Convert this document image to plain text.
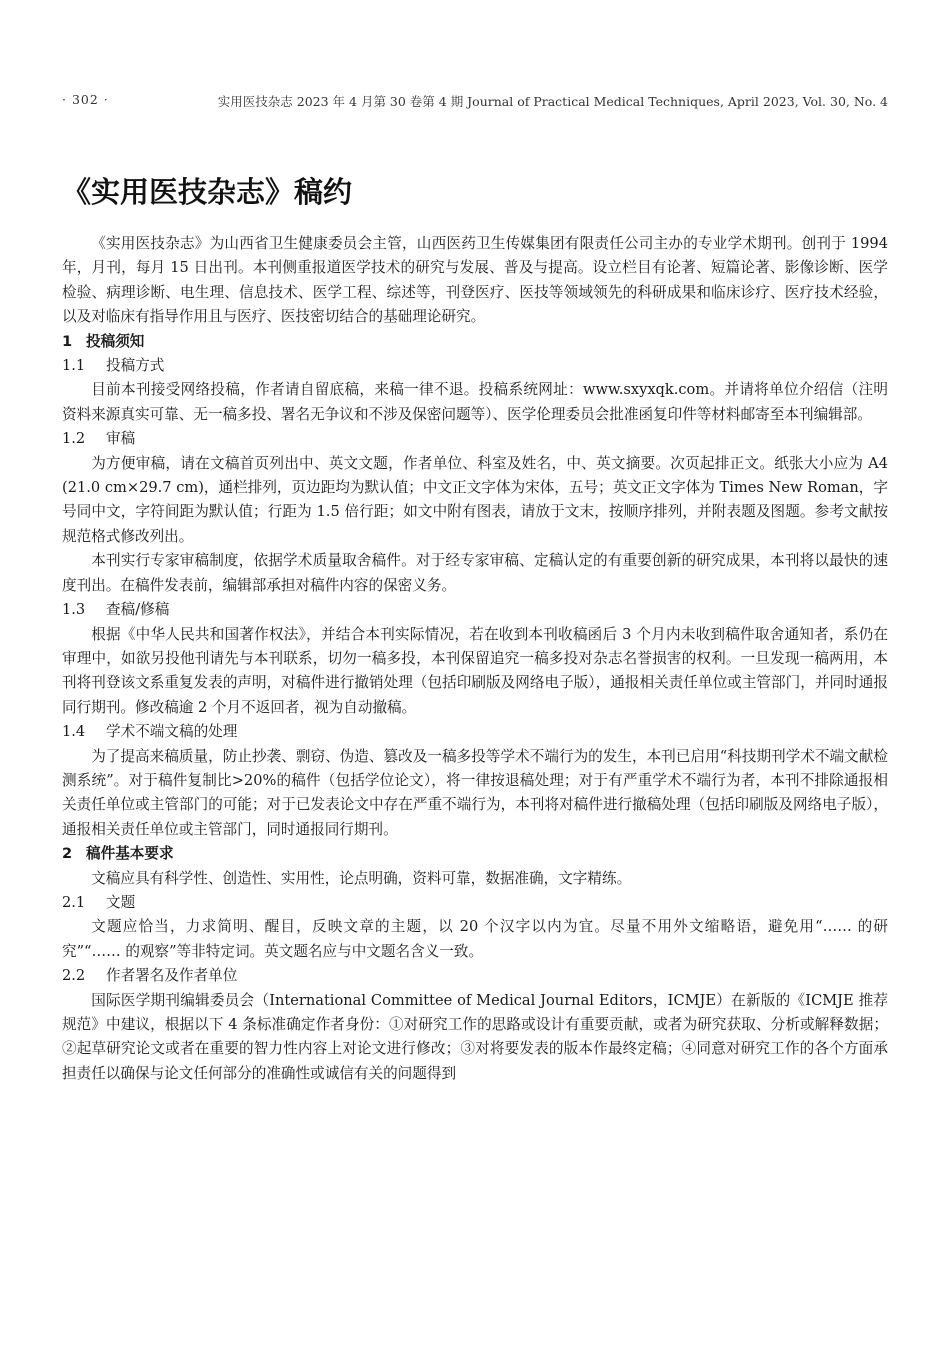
· 302 ·	实用医技杂志 2023 年 4 月第 30 卷第 4 期 Journal of Practical Medical Techniques, April 2023, Vol. 30, No. 4
《实用医技杂志》稿约

《实用医技杂志》为山西省卫生健康委员会主管，山西医药卫生传媒集团有限责任公司主办的专业学术期刊。创刊于 1994 年，月刊，每月 15 日出刊。本刊侧重报道医学技术的研究与发展、普及与提高。设立栏目有论著、短篇论著、影像诊断、医学检验、病理诊断、电生理、信息技术、医学工程、综述等，刊登医疗、医技等领域领先的科研成果和临床诊疗、医疗技术经验，以及对临床有指导作用且与医疗、医技密切结合的基础理论研究。

1 投稿须知
1.1 投稿方式

目前本刊接受网络投稿，作者请自留底稿，来稿一律不退。投稿系统网址：www.sxyxqk.com。并请将单位介绍信（注明资料来源真实可靠、无一稿多投、署名无争议和不涉及保密问题等）、医学伦理委员会批准函复印件等材料邮寄至本刊编辑部。

1.2 审稿

为方便审稿，请在文稿首页列出中、英文文题，作者单位、科室及姓名，中、英文摘要。次页起排正文。纸张大小应为 A4(21.0 cm×29.7 cm)，通栏排列，页边距均为默认值；中文正文字体为宋体，五号；英文正文字体为 Times New Roman，字号同中文，字符间距为默认值；行距为 1.5 倍行距；如文中附有图表，请放于文末，按顺序排列，并附表题及图题。参考文献按规范格式修改列出。

本刊实行专家审稿制度，依据学术质量取舍稿件。对于经专家审稿、定稿认定的有重要创新的研究成果，本刊将以最快的速度刊出。在稿件发表前，编辑部承担对稿件内容的保密义务。

1.3 查稿/修稿

根据《中华人民共和国著作权法》，并结合本刊实际情况，若在收到本刊收稿函后 3 个月内未收到稿件取舍通知者，系仍在审理中，如欲另投他刊请先与本刊联系，切勿一稿多投，本刊保留追究一稿多投对杂志名誉损害的权利。一旦发现一稿两用，本刊将刊登该文系重复发表的声明，对稿件进行撤销处理（包括印刷版及网络电子版），通报相关责任单位或主管部门，并同时通报同行期刊。修改稿逾 2 个月不返回者，视为自动撤稿。

1.4 学术不端文稿的处理

为了提高来稿质量，防止抄袭、剽窃、伪造、篡改及一稿多投等学术不端行为的发生，本刊已启用“科技期刊学术不端文献检测系统”。对于稿件复制比>20%的稿件（包括学位论文），将一律按退稿处理；对于有严重学术不端行为者，本刊不排除通报相关责任单位或主管部门的可能；对于已发表论文中存在严重不端行为，本刊将对稿件进行撤稿处理（包括印刷版及网络电子版），通报相关责任单位或主管部门，同时通报同行期刊。

2 稿件基本要求

文稿应具有科学性、创造性、实用性，论点明确，资料可靠，数据准确，文字精练。

2.1 文题

文题应恰当，力求简明、醒目，反映文章的主题，以 20 个汉字以内为宜。尽量不用外文缩略语，避免用“…… 的研究”“…… 的观察”等非特定词。英文题名应与中文题名含义一致。

2.2 作者署名及作者单位

国际医学期刊编辑委员会（International Committee of Medical Journal Editors，ICMJE）在新版的《ICMJE 推荐规范》中建议，根据以下 4 条标准确定作者身份：①对研究工作的思路或设计有重要贡献，或者为研究获取、分析或解释数据；②起草研究论文或者在重要的智力性内容上对论文进行修改；③对将要发表的版本作最终定稿；④同意对研究工作的各个方面承担责任以确保与论文任何部分的准确性或诚信有关的问题得到
